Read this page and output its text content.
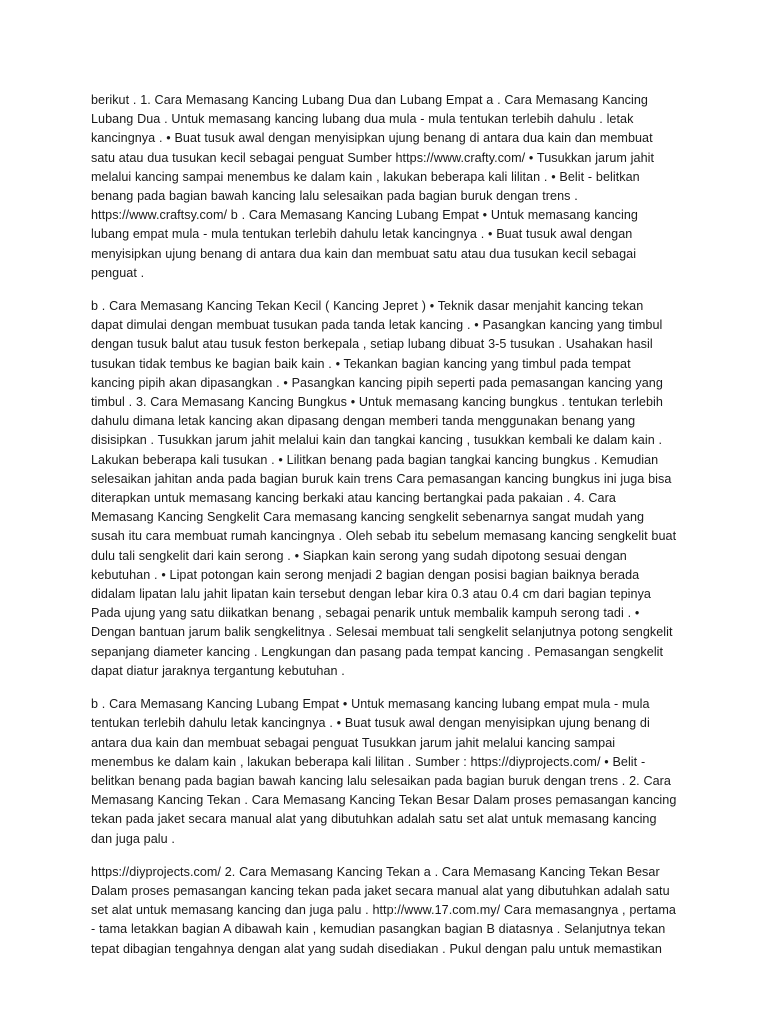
berikut . 1. Cara Memasang Kancing Lubang Dua dan Lubang Empat a . Cara Memasang Kancing Lubang Dua . Untuk memasang kancing lubang dua mula - mula tentukan terlebih dahulu . letak kancingnya . • Buat tusuk awal dengan menyisipkan ujung benang di antara dua kain dan membuat satu atau dua tusukan kecil sebagai penguat Sumber https://www.crafty.com/ • Tusukkan jarum jahit melalui kancing sampai menembus ke dalam kain , lakukan beberapa kali lilitan . • Belit - belitkan benang pada bagian bawah kancing lalu selesaikan pada bagian buruk dengan trens . https://www.craftsy.com/ b . Cara Memasang Kancing Lubang Empat • Untuk memasang kancing lubang empat mula - mula tentukan terlebih dahulu letak kancingnya . • Buat tusuk awal dengan menyisipkan ujung benang di antara dua kain dan membuat satu atau dua tusukan kecil sebagai penguat .

b . Cara Memasang Kancing Tekan Kecil ( Kancing Jepret ) • Teknik dasar menjahit kancing tekan dapat dimulai dengan membuat tusukan pada tanda letak kancing . • Pasangkan kancing yang timbul dengan tusuk balut atau tusuk feston berkepala , setiap lubang dibuat 3-5 tusukan . Usahakan hasil tusukan tidak tembus ke bagian baik kain . • Tekankan bagian kancing yang timbul pada tempat kancing pipih akan dipasangkan . • Pasangkan kancing pipih seperti pada pemasangan kancing yang timbul . 3. Cara Memasang Kancing Bungkus • Untuk memasang kancing bungkus . tentukan terlebih dahulu dimana letak kancing akan dipasang dengan memberi tanda menggunakan benang yang disisipkan . Tusukkan jarum jahit melalui kain dan tangkai kancing , tusukkan kembali ke dalam kain . Lakukan beberapa kali tusukan . • Lilitkan benang pada bagian tangkai kancing bungkus . Kemudian selesaikan jahitan anda pada bagian buruk kain trens Cara pemasangan kancing bungkus ini juga bisa diterapkan untuk memasang kancing berkaki atau kancing bertangkai pada pakaian . 4. Cara Memasang Kancing Sengkelit Cara memasang kancing sengkelit sebenarnya sangat mudah yang susah itu cara membuat rumah kancingnya . Oleh sebab itu sebelum memasang kancing sengkelit buat dulu tali sengkelit dari kain serong . • Siapkan kain serong yang sudah dipotong sesuai dengan kebutuhan . • Lipat potongan kain serong menjadi 2 bagian dengan posisi bagian baiknya berada didalam lipatan lalu jahit lipatan kain tersebut dengan lebar kira 0.3 atau 0.4 cm dari bagian tepinya Pada ujung yang satu diikatkan benang , sebagai penarik untuk membalik kampuh serong tadi . • Dengan bantuan jarum balik sengkelitnya . Selesai membuat tali sengkelit selanjutnya potong sengkelit sepanjang diameter kancing . Lengkungan dan pasang pada tempat kancing . Pemasangan sengkelit dapat diatur jaraknya tergantung kebutuhan .

b . Cara Memasang Kancing Lubang Empat • Untuk memasang kancing lubang empat mula - mula tentukan terlebih dahulu letak kancingnya . • Buat tusuk awal dengan menyisipkan ujung benang di antara dua kain dan membuat sebagai penguat Tusukkan jarum jahit melalui kancing sampai menembus ke dalam kain , lakukan beberapa kali lilitan . Sumber : https://diyprojects.com/ • Belit - belitkan benang pada bagian bawah kancing lalu selesaikan pada bagian buruk dengan trens . 2. Cara Memasang Kancing Tekan . Cara Memasang Kancing Tekan Besar Dalam proses pemasangan kancing tekan pada jaket secara manual alat yang dibutuhkan adalah satu set alat untuk memasang kancing dan juga palu .

https://diyprojects.com/ 2. Cara Memasang Kancing Tekan a . Cara Memasang Kancing Tekan Besar Dalam proses pemasangan kancing tekan pada jaket secara manual alat yang dibutuhkan adalah satu set alat untuk memasang kancing dan juga palu . http://www.17.com.my/ Cara memasangnya , pertama - tama letakkan bagian A dibawah kain , kemudian pasangkan bagian B diatasnya . Selanjutnya tekan tepat dibagian tengahnya dengan alat yang sudah disediakan . Pukul dengan palu untuk memastikan
